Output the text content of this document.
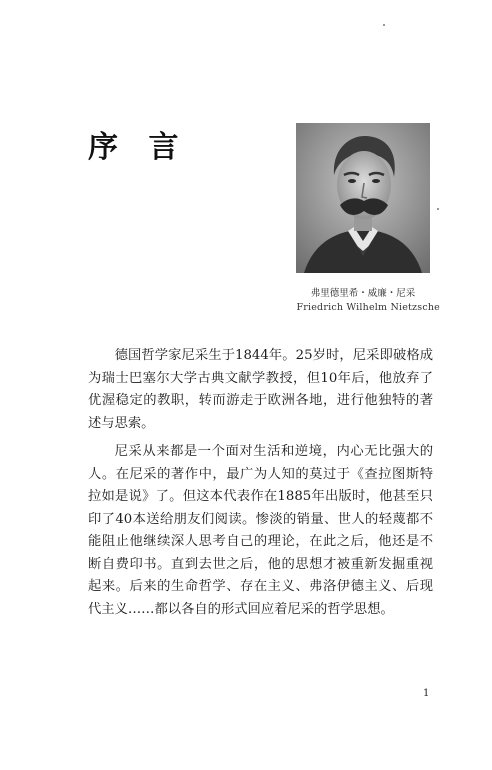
序 言
弗里德里希・威廉・尼采
Friedrich Wilhelm Nietzsche

德国哲学家尼采生于1844年。25岁时，尼采即破格成为瑞士巴塞尔大学古典文献学教授，但10年后，他放弃了优渥稳定的教职，转而游走于欧洲各地，进行他独特的著述与思索。

尼采从来都是一个面对生活和逆境，内心无比强大的人。在尼采的著作中，最广为人知的莫过于《查拉图斯特拉如是说》了。但这本代表作在1885年出版时，他甚至只印了40本送给朋友们阅读。惨淡的销量、世人的轻蔑都不能阻止他继续深人思考自己的理论，在此之后，他还是不断自费印书。直到去世之后，他的思想才被重新发掘重视起来。后来的生命哲学、存在主义、弗洛伊德主义、后现代主义……都以各自的形式回应着尼采的哲学思想。

1
